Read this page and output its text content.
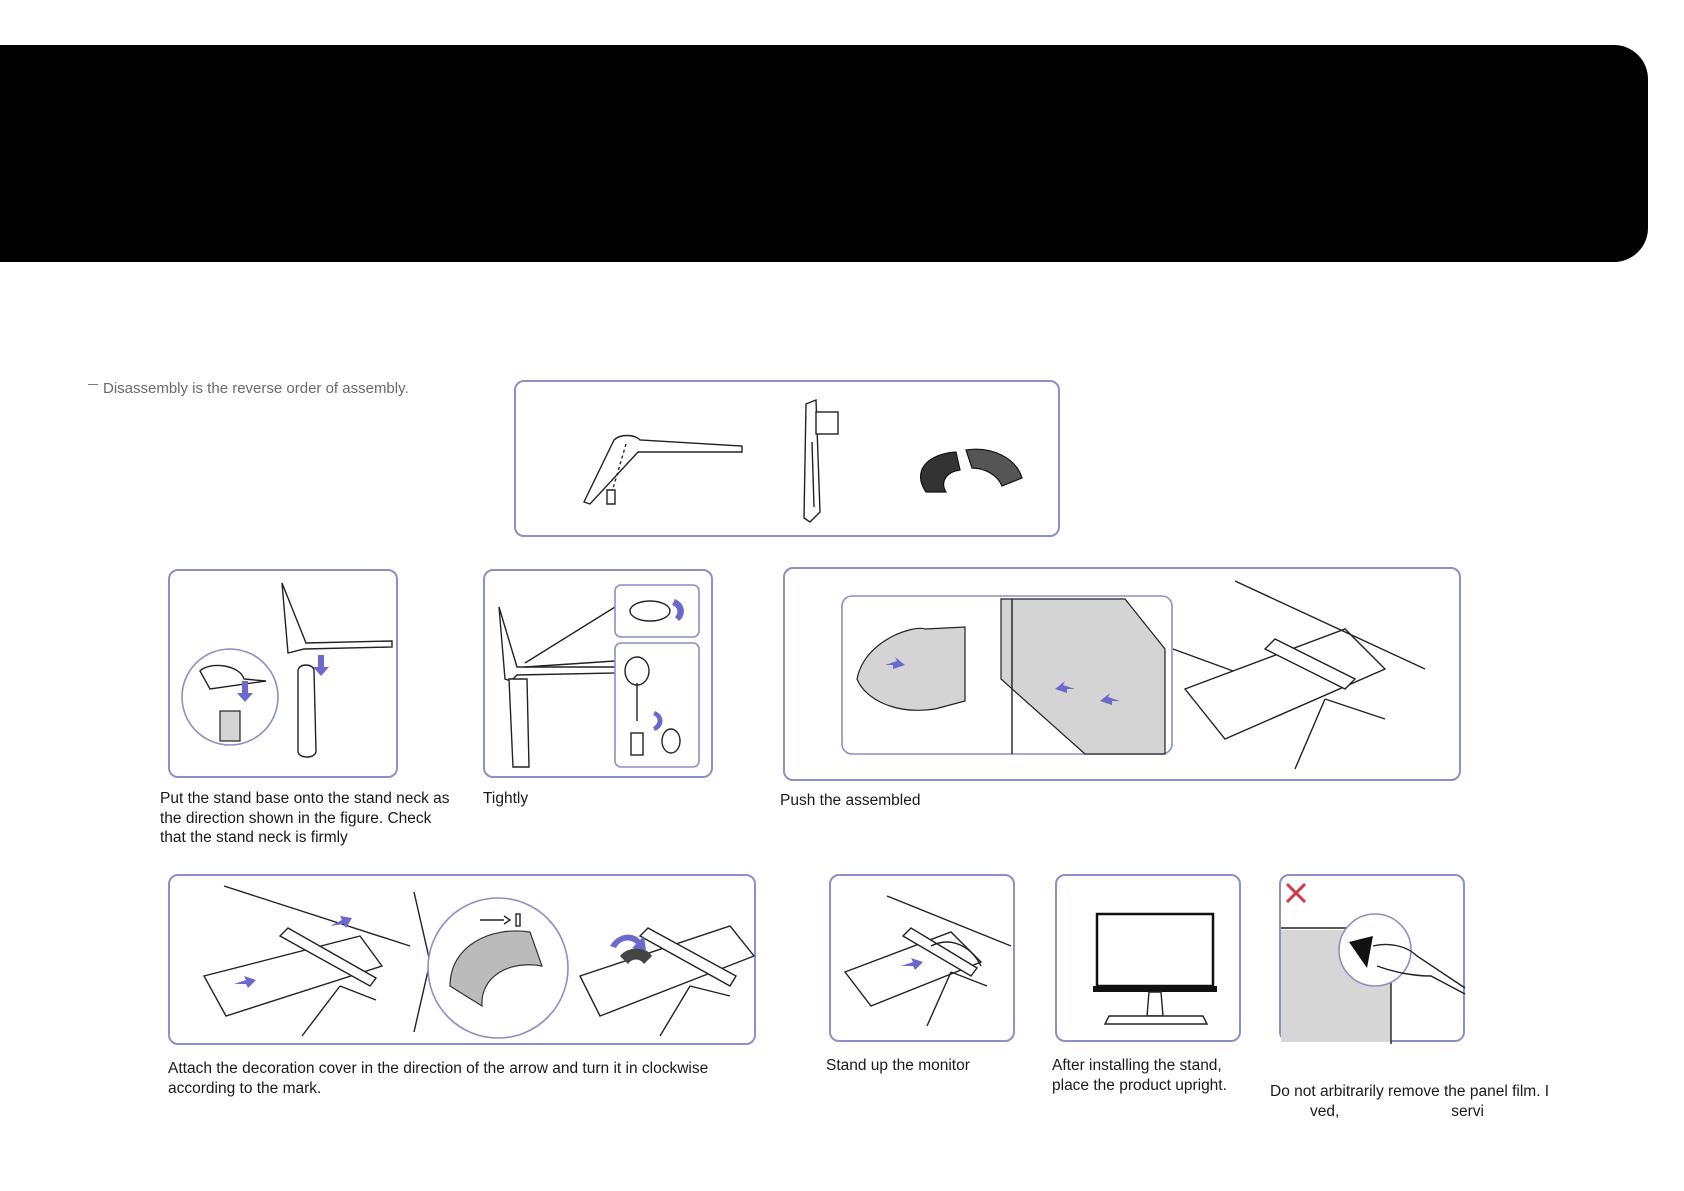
Disassembly is the reverse order of assembly.
Put the stand base onto the stand neck as
the direction shown in the figure. Check
that the stand neck is firmly
Tightly	Push the assembled
Attach the decoration cover in the direction of the arrow and turn it in clockwise
according to the mark.
Stand up the monitor	After installing the stand,
place the product upright.	Do not arbitrarily remove the panel film. I
ved,                          servi
